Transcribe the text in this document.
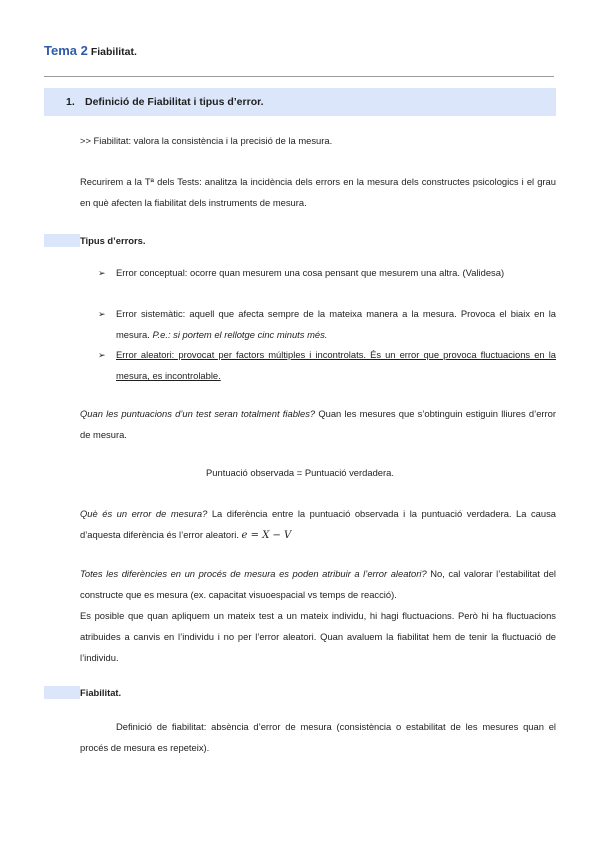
Tema 2 Fiabilitat.
1. Definició de Fiabilitat i tipus d’error.
>> Fiabilitat: valora la consistència i la precisió de la mesura.

Recurirem a la Tª dels Tests: analitza la incidència dels errors en la mesura dels constructes psicologics i el grau en què afecten la fiabilitat dels instruments de mesura.

Tipus d’errors.
➢ Error conceptual: ocorre quan mesurem una cosa pensant que mesurem una altra. (Validesa)

➢ Error sistemàtic: aquell que afecta sempre de la mateixa manera a la mesura. Provoca el biaix en la mesura. P.e.: si portem el rellotge cinc minuts més.

➢ Error aleatori: provocat per factors múltiples i incontrolats. És un error que provoca fluctuacions en la mesura, es incontrolable.

Quan les puntuacions d’un test seran totalment fiables? Quan les mesures que s’obtinguin estiguin lliures d’error de mesura.

Puntuació observada = Puntuació verdadera.

Què és un error de mesura? La diferència entre la puntuació observada i la puntuació verdadera. La causa d’aquesta diferència és l’error aleatori. e = X − V

Totes les diferències en un procés de mesura es poden atribuir a l’error aleatori? No, cal valorar l’estabilitat del constructe que es mesura (ex. capacitat visuoespacial vs temps de reacció).

Es posible que quan apliquem un mateix test a un mateix individu, hi hagi fluctuacions. Però hi ha fluctuacions atribuides a canvis en l’individu i no per l’error aleatori. Quan avaluem la fiabilitat hem de tenir la fluctuació de l’individu.

Fiabilitat.

Definició de fiabilitat: absència d’error de mesura (consistència o estabilitat de les mesures quan el procés de mesura es repeteix).
